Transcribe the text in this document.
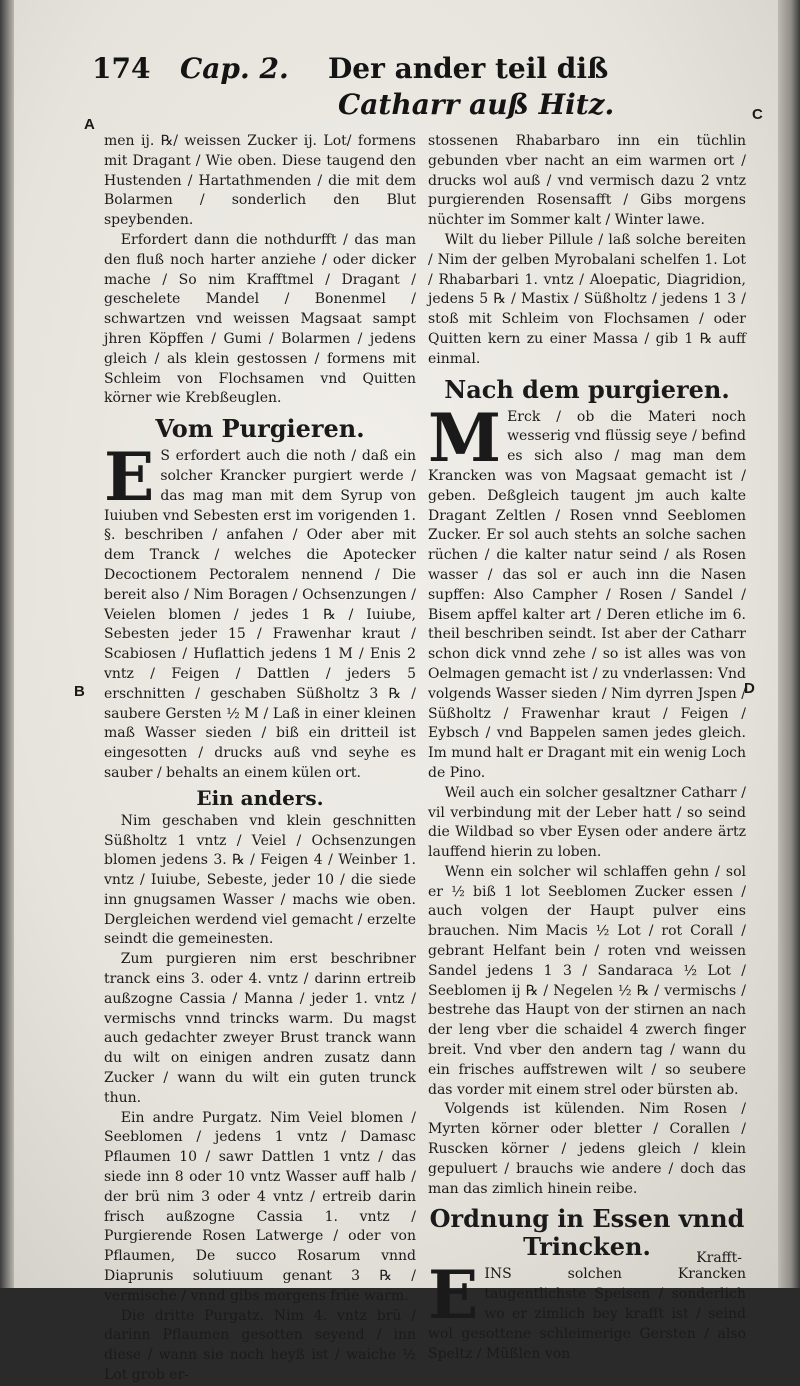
174 Cap. 2. Der ander teil diß
Catharr auß Hitz.
A
B
C
D

men ij. ℞/ weissen Zucker ij. Lot/ formens mit Dragant / Wie oben. Diese taugend den Hustenden / Hartathmenden / die mit dem Bolarmen / sonderlich den Blut speybenden.

Erfordert dann die nothdurfft / das man den fluß noch harter anziehe / oder dicker mache / So nim Krafftmel / Dragant / geschelete Mandel / Bonenmel / schwartzen vnd weissen Magsaat sampt jhren Köpffen / Gumi / Bolarmen / jedens gleich / als klein gestossen / formens mit Schleim von Flochsamen vnd Quitten körner wie Krebßeuglen.

Vom Purgieren.

E S erfordert auch die noth / daß ein solcher Krancker purgiert werde / das mag man mit dem Syrup von Iuiuben vnd Sebesten erst im vorigenden 1. §. beschriben / anfahen / Oder aber mit dem Tranck / welches die Apotecker Decoctionem Pectoralem nennend / Die bereit also / Nim Boragen / Ochsenzungen / Veielen blomen / jedes 1 ℞ / Iuiube, Sebesten jeder 15 / Frawenhar kraut / Scabiosen / Huflattich jedens 1 M / Enis 2 vntz / Feigen / Dattlen / jeders 5 erschnitten / geschaben Süßholtz 3 ℞ / saubere Gersten ½ M / Laß in einer kleinen maß Wasser sieden / biß ein dritteil ist eingesotten / drucks auß vnd seyhe es sauber / behalts an einem külen ort.

Ein anders.

Nim geschaben vnd klein geschnitten Süßholtz 1 vntz / Veiel / Ochsenzungen blomen jedens 3. ℞ / Feigen 4 / Weinber 1. vntz / Iuiube, Sebeste, jeder 10 / die siede inn gnugsamen Wasser / machs wie oben. Dergleichen werdend viel gemacht / erzelte seindt die gemeinesten.

Zum purgieren nim erst beschribner tranck eins 3. oder 4. vntz / darinn ertreib außzogne Cassia / Manna / jeder 1. vntz / vermischs vnnd trincks warm. Du magst auch gedachter zweyer Brust tranck wann du wilt on einigen andren zusatz dann Zucker / wann du wilt ein guten trunck thun.

Ein andre Purgatz. Nim Veiel blomen / Seeblomen / jedens 1 vntz / Damasc Pflaumen 10 / sawr Dattlen 1 vntz / das siede inn 8 oder 10 vntz Wasser auff halb / der brü nim 3 oder 4 vntz / ertreib darin frisch außzogne Cassia 1. vntz / Purgierende Rosen Latwerge / oder von Pflaumen, De succo Rosarum vnnd Diaprunis solutiuum genant 3 ℞ / vermische / vnnd gibs morgens früe warm.

Die dritte Purgatz. Nim 4. vntz brü / darinn Pflaumen gesotten seyend / inn diese / wann sie noch heyß ist / waiche ½ Lot grob er-

stossenen Rhabarbaro inn ein tüchlin gebunden vber nacht an eim warmen ort / drucks wol auß / vnd vermisch dazu 2 vntz purgierenden Rosensafft / Gibs morgens nüchter im Sommer kalt / Winter lawe.

Wilt du lieber Pillule / laß solche bereiten / Nim der gelben Myrobalani schelfen 1. Lot / Rhabarbari 1. vntz / Aloepatic, Diagridion, jedens 5 ℞ / Mastix / Süßholtz / jedens 1 3 / stoß mit Schleim von Flochsamen / oder Quitten kern zu einer Massa / gib 1 ℞ auff einmal.

Nach dem purgieren.

M Erck / ob die Materi noch wesserig vnd flüssig seye / befind es sich also / mag man dem Krancken was von Magsaat gemacht ist / geben. Deßgleich taugent jm auch kalte Dragant Zeltlen / Rosen vnnd Seeblomen Zucker. Er sol auch stehts an solche sachen rüchen / die kalter natur seind / als Rosen wasser / das sol er auch inn die Nasen supffen: Also Campher / Rosen / Sandel / Bisem apffel kalter art / Deren etliche im 6. theil beschriben seindt. Ist aber der Catharr schon dick vnnd zehe / so ist alles was von Oelmagen gemacht ist / zu vnderlassen: Vnd volgends Wasser sieden / Nim dyrren Jspen / Süßholtz / Frawenhar kraut / Feigen / Eybsch / vnd Bappelen samen jedes gleich. Im mund halt er Dragant mit ein wenig Loch de Pino.

Weil auch ein solcher gesaltzner Catharr / vil verbindung mit der Leber hatt / so seind die Wildbad so vber Eysen oder andere ärtz lauffend hierin zu loben.

Wenn ein solcher wil schlaffen gehn / sol er ½ biß 1 lot Seeblomen Zucker essen / auch volgen der Haupt pulver eins brauchen. Nim Macis ½ Lot / rot Corall / gebrant Helfant bein / roten vnd weissen Sandel jedens 1 3 / Sandaraca ½ Lot / Seeblomen ij ℞ / Negelen ½ ℞ / vermischs / bestrehe das Haupt von der stirnen an nach der leng vber die schaidel 4 zwerch finger breit. Vnd vber den andern tag / wann du ein frisches auffstrewen wilt / so seubere das vorder mit einem strel oder bürsten ab.

Volgends ist külenden. Nim Rosen / Myrten körner oder bletter / Corallen / Ruscken körner / jedens gleich / klein gepuluert / brauchs wie andere / doch das man das zimlich hinein reibe.

Ordnung in Essen vnnd Trincken.

EINS solchen Krancken taugentlichste Speisen / sonderlich wo er zimlich bey krafft ist / seind wol gesottene schleimerige Gersten / also Speltz / Müßlen von

Krafft-
